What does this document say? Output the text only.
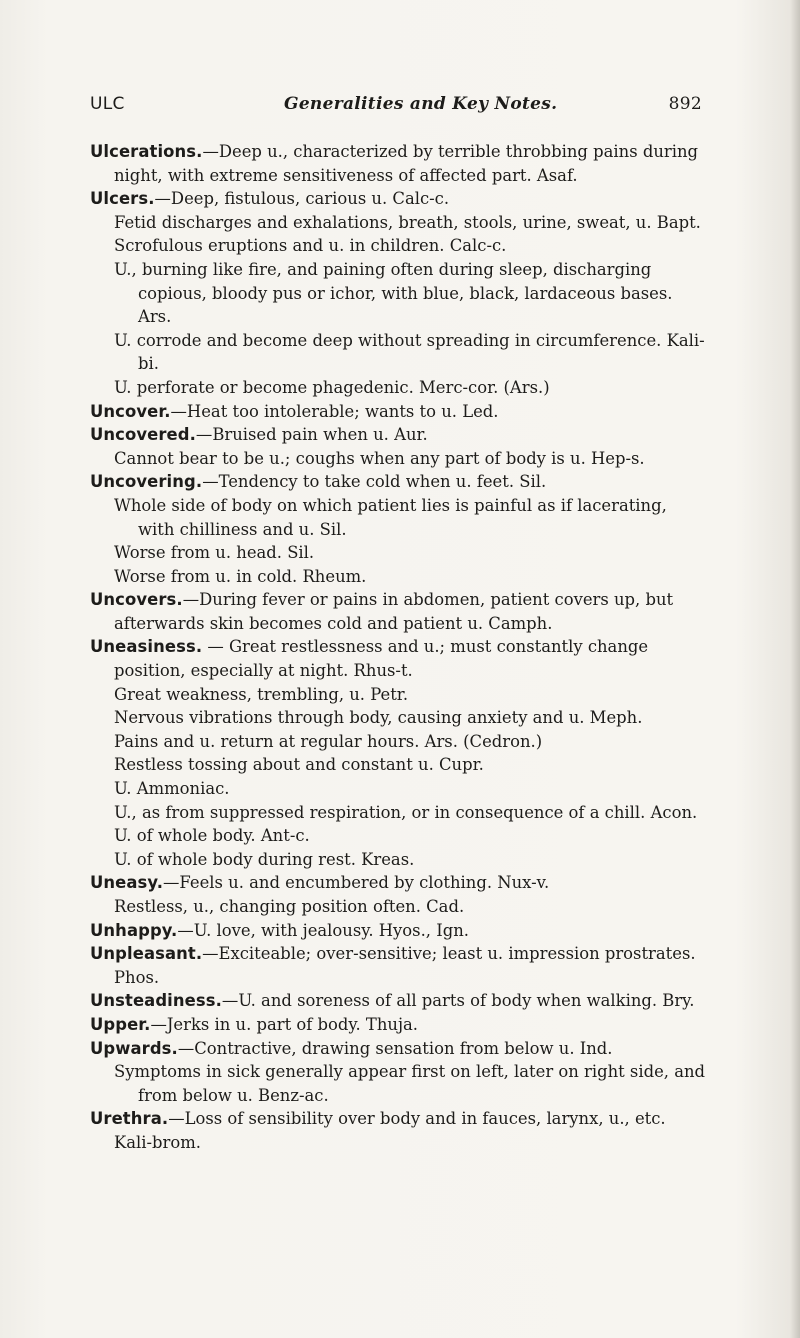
ULC	Generalities and Key Notes.	892

Ulcerations.—Deep u., characterized by terrible throbbing pains during night, with extreme sensitiveness of affected part. Asaf.

Ulcers.—Deep, fistulous, carious u. Calc-c.

Fetid discharges and exhalations, breath, stools, urine, sweat, u. Bapt.

Scrofulous eruptions and u. in children. Calc-c.

U., burning like fire, and paining often during sleep, discharging copious, bloody pus or ichor, with blue, black, lardaceous bases. Ars.

U. corrode and become deep without spreading in circumference. Kali-bi.

U. perforate or become phagedenic. Merc-cor. (Ars.)

Uncover.—Heat too intolerable; wants to u. Led.

Uncovered.—Bruised pain when u. Aur.

Cannot bear to be u.; coughs when any part of body is u. Hep-s.

Uncovering.—Tendency to take cold when u. feet. Sil.

Whole side of body on which patient lies is painful as if lacerating, with chilliness and u. Sil.

Worse from u. head. Sil.

Worse from u. in cold. Rheum.

Uncovers.—During fever or pains in abdomen, patient covers up, but afterwards skin becomes cold and patient u. Camph.

Uneasiness. — Great restlessness and u.; must constantly change position, especially at night. Rhus-t.

Great weakness, trembling, u. Petr.

Nervous vibrations through body, causing anxiety and u. Meph.

Pains and u. return at regular hours. Ars. (Cedron.)

Restless tossing about and constant u. Cupr.

U. Ammoniac.

U., as from suppressed respiration, or in consequence of a chill. Acon.

U. of whole body. Ant-c.

U. of whole body during rest. Kreas.

Uneasy.—Feels u. and encumbered by clothing. Nux-v.

Restless, u., changing position often. Cad.

Unhappy.—U. love, with jealousy. Hyos., Ign.

Unpleasant.—Exciteable; over-sensitive; least u. impression prostrates. Phos.

Unsteadiness.—U. and soreness of all parts of body when walking. Bry.

Upper.—Jerks in u. part of body. Thuja.

Upwards.—Contractive, drawing sensation from below u. Ind.

Symptoms in sick generally appear first on left, later on right side, and from below u. Benz-ac.

Urethra.—Loss of sensibility over body and in fauces, larynx, u., etc. Kali-brom.
